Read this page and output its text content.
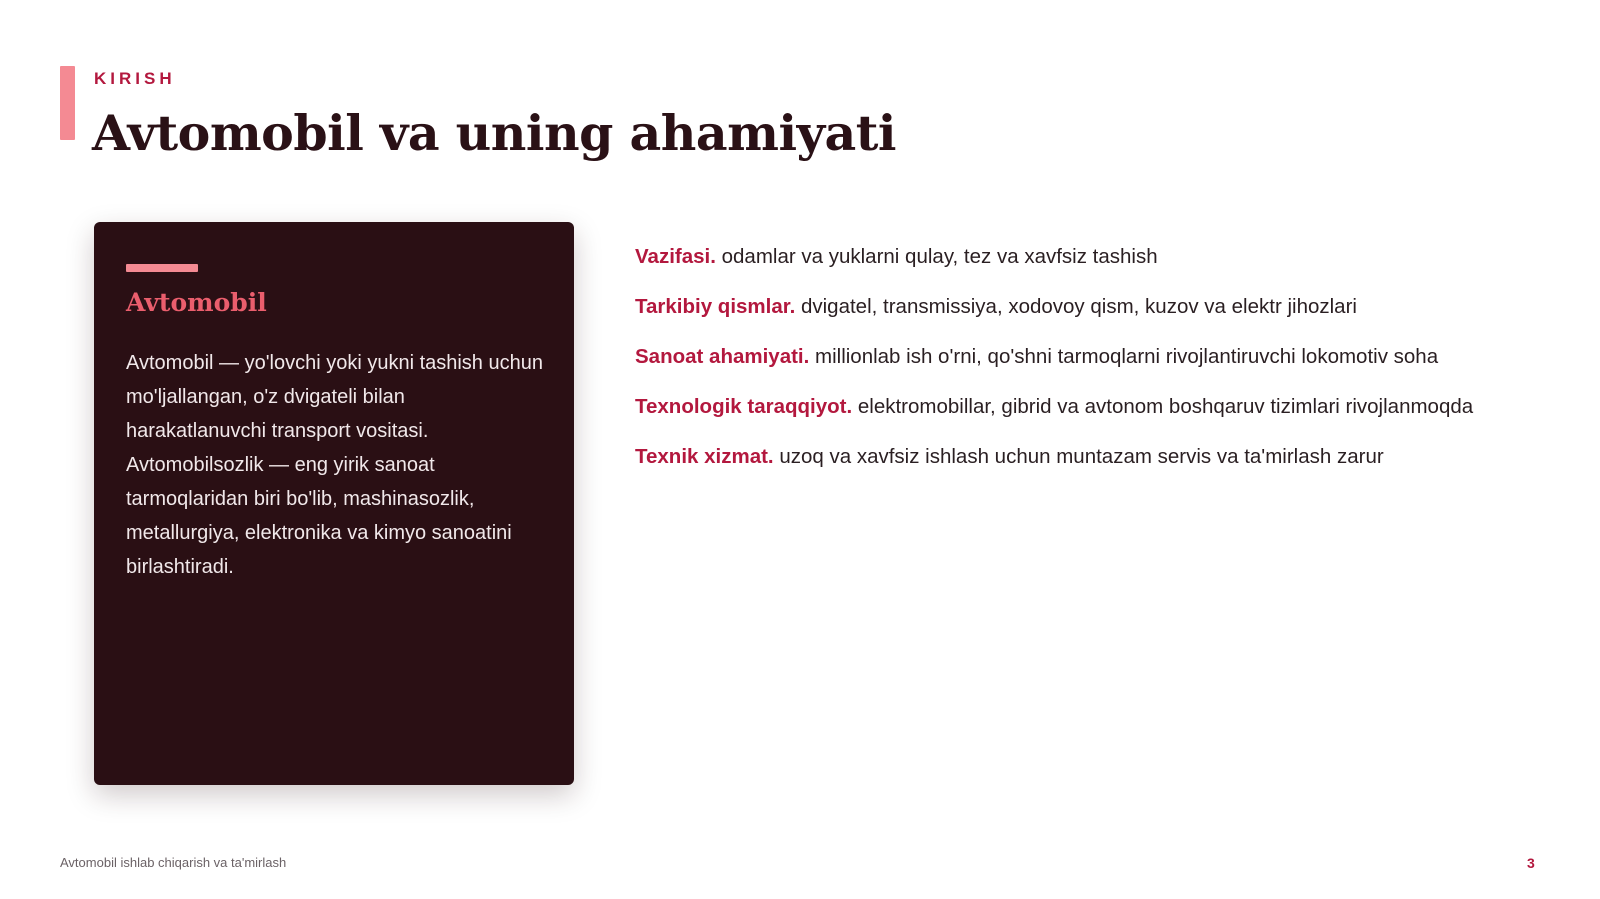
KIRISH
Avtomobil va uning ahamiyati
Avtomobil

Avtomobil — yo'lovchi yoki yukni tashish uchun mo'ljallangan, o'z dvigateli bilan harakatlanuvchi transport vositasi. Avtomobilsozlik — eng yirik sanoat tarmoqlaridan biri bo'lib, mashinasozlik, metallurgiya, elektronika va kimyo sanoatini birlashtiradi.

Vazifasi. odamlar va yuklarni qulay, tez va xavfsiz tashish

Tarkibiy qismlar. dvigatel, transmissiya, xodovoy qism, kuzov va elektr jihozlari

Sanoat ahamiyati. millionlab ish o'rni, qo'shni tarmoqlarni rivojlantiruvchi lokomotiv soha

Texnologik taraqqiyot. elektromobillar, gibrid va avtonom boshqaruv tizimlari rivojlanmoqda

Texnik xizmat. uzoq va xavfsiz ishlash uchun muntazam servis va ta'mirlash zarur

Avtomobil ishlab chiqarish va ta'mirlash	3
